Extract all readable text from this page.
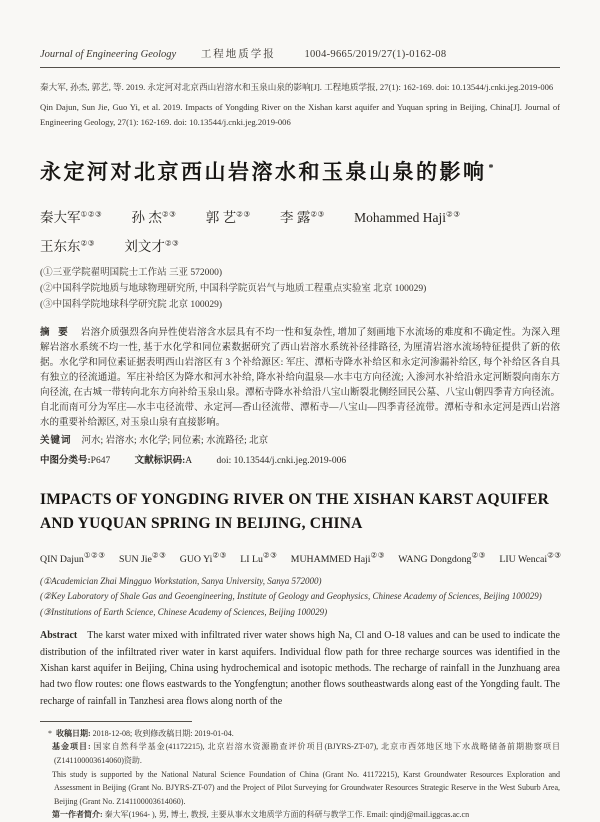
Journal of Engineering Geology 工程地质学报	1004-9665/2019/27(1)-0162-08

秦大军, 孙杰, 郭艺, 等. 2019. 永定河对北京西山岩溶水和玉泉山泉的影响[J]. 工程地质学报, 27(1): 162-169. doi: 10.13544/j.cnki.jeg.2019-006

Qin Dajun, Sun Jie, Guo Yi, et al. 2019. Impacts of Yongding River on the Xishan karst aquifer and Yuquan spring in Beijing, China[J]. Journal of Engineering Geology, 27(1): 162-169. doi: 10.13544/j.cnki.jeg.2019-006

永定河对北京西山岩溶水和玉泉山泉的影响 *
秦大军①②③ 孙 杰②③ 郭 艺②③ 李 露②③ Mohammed Haji②③
王东东②③ 刘文才②③
(①三亚学院翟明国院士工作站 三亚 572000)
(②中国科学院地质与地球物理研究所, 中国科学院页岩气与地质工程重点实验室 北京 100029)
(③中国科学院地球科学研究院 北京 100029)

摘 要 岩溶介质强烈各向异性使岩溶含水层具有不均一性和复杂性, 增加了刻画地下水流场的难度和不确定性。为深入理解岩溶水系统不均一性, 基于水化学和同位素数据研究了西山岩溶水系统补径排路径, 为厘清岩溶水流场特征提供了新的依据。水化学和同位素证据表明西山岩溶区有 3 个补给源区: 军庄、潭柘寺降水补给区和永定河渗漏补给区, 每个补给区各自具有独立的径流通道。军庄补给区为降水和河水补给, 降水补给向温泉—水丰屯方向径流; 入渗河水补给沿永定河断裂向南东方向径流, 在古城一带转向北东方向补给玉泉山泉。潭柘寺降水补给沿八宝山断裂北侧经回民公墓、八宝山朝四季青方向径流。自北而南可分为军庄—水丰屯径流带、永定河—香山径流带、潭柘寺—八宝山—四季青径流带。潭柘寺和永定河是西山岩溶水的重要补给源区, 对玉泉山泉有直接影响。

关键词 河水; 岩溶水; 水化学; 同位素; 水流路径; 北京

中图分类号:P647	文献标识码:A	doi: 10.13544/j.cnki.jeg.2019-006

IMPACTS OF YONGDING RIVER ON THE XISHAN KARST AQUIFER AND YUQUAN SPRING IN BEIJING, CHINA
QIN Dajun①②③ SUN Jie②③ GUO Yi②③ LI Lu②③ MUHAMMED Haji②③ WANG Dongdong②③ LIU Wencai②③
(①Academician Zhai Mingguo Workstation, Sanya University, Sanya 572000)
(②Key Laboratory of Shale Gas and Geoengineering, Institute of Geology and Geophysics, Chinese Academy of Sciences, Beijing 100029)
(③Institutions of Earth Science, Chinese Academy of Sciences, Beijing 100029)

Abstract The karst water mixed with infiltrated river water shows high Na, Cl and O-18 values and can be used to indicate the distribution of the infiltrated river water in karst aquifers. Individual flow path for three recharge sources was identified in the Xishan karst aquifer in Beijing, China using hydrochemical and isotopic methods. The recharge of rainfall in the Junzhuang area had two flow routes: one flows eastwards to the Yongfengtun; another flows southeastwards along east of the Yongding fault. The recharge of rainfall in Tanzhesi area flows along north of the

* 收稿日期: 2018-12-08; 收到修改稿日期: 2019-01-04.

基金项目: 国家自然科学基金(41172215), 北京岩溶水资源勘查评价项目(BJYRS-ZT-07), 北京市西郊地区地下水战略储备前期勘察项目(Z141100003614060)资助.

This study is supported by the National Natural Science Foundation of China (Grant No. 41172215), Karst Groundwater Resources Exploration and Assessment in Beijing (Grant No. BJYRS-ZT-07) and the Project of Pilot Surveying for Groundwater Resources Strategic Reserve in the West Suburb Area, Beijing (Grant No. Z141100003614060).

第一作者简介: 秦大军(1964- ), 男, 博士, 教授, 主要从事水文地质学方面的科研与教学工作. Email: qindj@mail.iggcas.ac.cn
